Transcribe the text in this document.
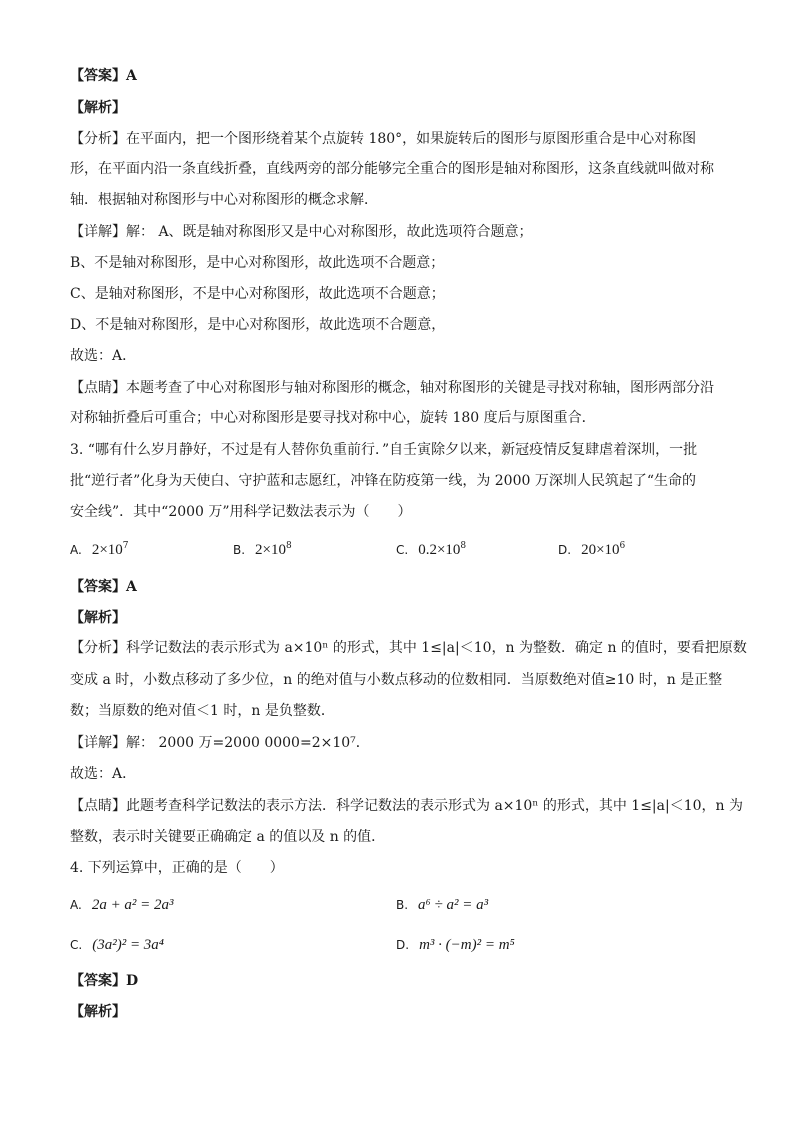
【答案】A
【解析】
【分析】在平面内，把一个图形绕着某个点旋转 180°，如果旋转后的图形与原图形重合是中心对称图
形，在平面内沿一条直线折叠，直线两旁的部分能够完全重合的图形是轴对称图形，这条直线就叫做对称
轴．根据轴对称图形与中心对称图形的概念求解．
【详解】解： A、既是轴对称图形又是中心对称图形，故此选项符合题意；
B、不是轴对称图形，是中心对称图形，故此选项不合题意；
C、是轴对称图形，不是中心对称图形，故此选项不合题意；
D、不是轴对称图形，是中心对称图形，故此选项不合题意，
故选：A．
【点睛】本题考查了中心对称图形与轴对称图形的概念，轴对称图形的关键是寻找对称轴，图形两部分沿
对称轴折叠后可重合；中心对称图形是要寻找对称中心，旋转 180 度后与原图重合．
3. “哪有什么岁月静好，不过是有人替你负重前行．”自壬寅除夕以来，新冠疫情反复肆虐着深圳，一批
批“逆行者”化身为天使白、守护蓝和志愿红，冲锋在防疫第一线，为 2000 万深圳人民筑起了“生命的
安全线”．其中“2000 万”用科学记数法表示为（　　）
A. $2\times 10^7$	B. $2\times 10^8$	C. $0.2\times 10^8$	D. $20\times 10^6$
【答案】A
【解析】
【分析】科学记数法的表示形式为 a×10ⁿ 的形式，其中 1≤|a|＜10，n 为整数．确定 n 的值时，要看把原数
变成 a 时，小数点移动了多少位，n 的绝对值与小数点移动的位数相同．当原数绝对值≥10 时，n 是正整
数；当原数的绝对值＜1 时，n 是负整数．
【详解】解： 2000 万=2000 0000=2×10⁷．
故选：A．
【点睛】此题考查科学记数法的表示方法．科学记数法的表示形式为 a×10ⁿ 的形式，其中 1≤|a|＜10，n 为
整数，表示时关键要正确确定 a 的值以及 n 的值．
4. 下列运算中，正确的是（　　）
A. 2a + a² = 2a³	B. a⁶ ÷ a² = a³
C. (3a²)² = 3a⁴	D. m³ · (−m)² = m⁵
【答案】D
【解析】
